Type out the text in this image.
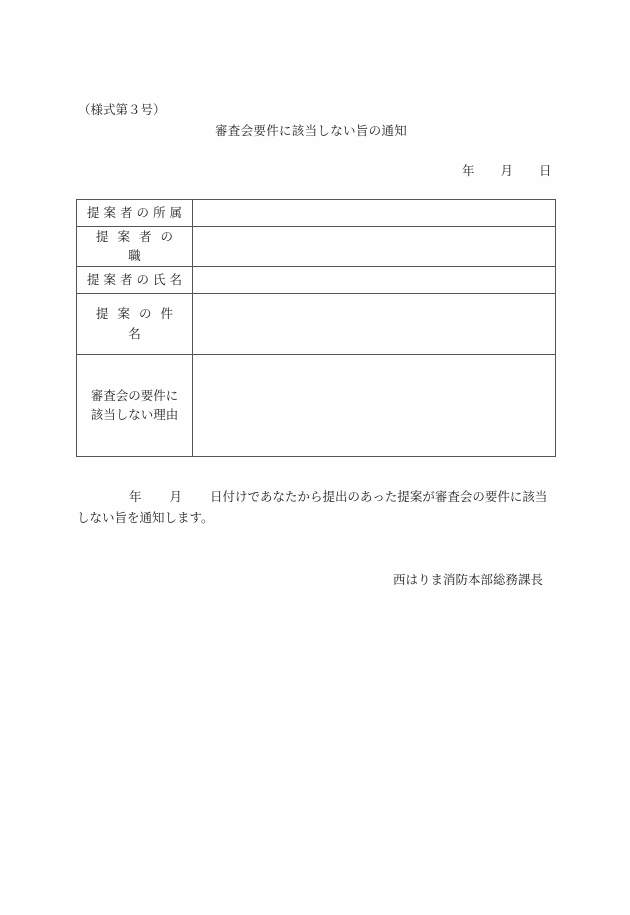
（様式第３号）
審査会要件に該当しない旨の通知
年 月 日
提案者の所属	
提案者の職	
提案者の氏名	
提案の件名	

審査会の要件に
該当しない理由	

年 月 日付けであなたから提出のあった提案が審査会の要件に該当しない旨を通知します。
西はりま消防本部総務課長
